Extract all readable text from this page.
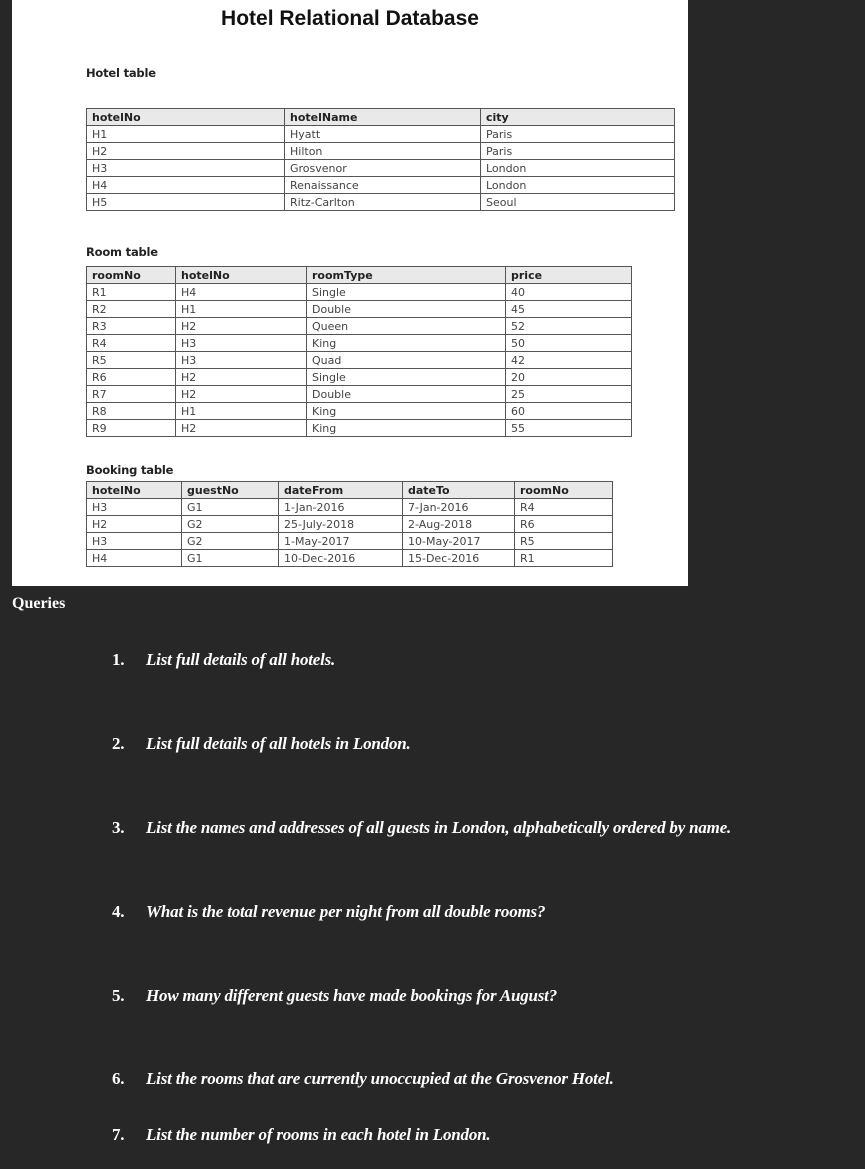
Hotel Relational Database
Hotel table
hotelNo	hotelName	city
H1	Hyatt	Paris
H2	Hilton	Paris
H3	Grosvenor	London
H4	Renaissance	London
H5	Ritz-Carlton	Seoul
Room table
roomNo	hotelNo	roomType	price
R1	H4	Single	40
R2	H1	Double	45
R3	H2	Queen	52
R4	H3	King	50
R5	H3	Quad	42
R6	H2	Single	20
R7	H2	Double	25
R8	H1	King	60
R9	H2	King	55
Booking table
hotelNo	guestNo	dateFrom	dateTo	roomNo
H3	G1	1-Jan-2016	7-Jan-2016	R4
H2	G2	25-July-2018	2-Aug-2018	R6
H3	G2	1-May-2017	10-May-2017	R5
H4	G1	10-Dec-2016	15-Dec-2016	R1
Queries
1. List full details of all hotels.
2. List full details of all hotels in London.
3. List the names and addresses of all guests in London, alphabetically ordered by name.
4. What is the total revenue per night from all double rooms?
5. How many different guests have made bookings for August?
6. List the rooms that are currently unoccupied at the Grosvenor Hotel.
7. List the number of rooms in each hotel in London.
